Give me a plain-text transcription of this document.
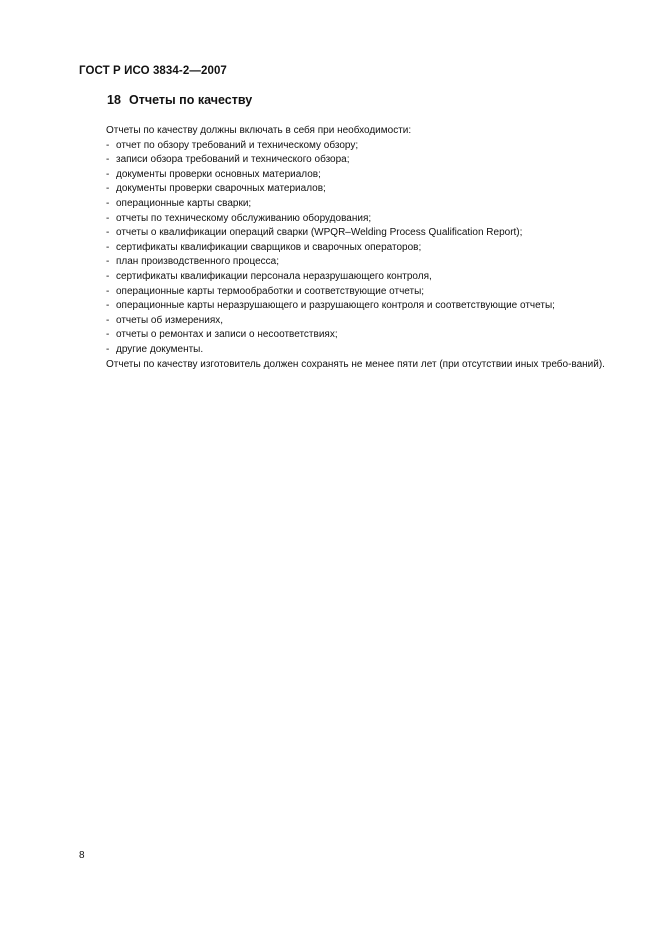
ГОСТ Р ИСО 3834-2—2007
18 Отчеты по качеству

Отчеты по качеству должны включать в себя при необходимости:

- отчет по обзору требований и техническому обзору;
- записи обзора требований и технического обзора;
- документы проверки основных материалов;
- документы проверки сварочных материалов;
- операционные карты сварки;
- отчеты по техническому обслуживанию оборудования;
- отчеты о квалификации операций сварки (WPQR–Welding Process Qualification Report);
- сертификаты квалификации сварщиков и сварочных операторов;
- план производственного процесса;
- сертификаты квалификации персонала неразрушающего контроля,
- операционные карты термообработки и соответствующие отчеты;
- операционные карты неразрушающего и разрушающего контроля и соответствующие отчеты;
- отчеты об измерениях,
- отчеты о ремонтах и записи о несоответствиях;
- другие документы.

Отчеты по качеству изготовитель должен сохранять не менее пяти лет (при отсутствии иных требо-ваний).

8
